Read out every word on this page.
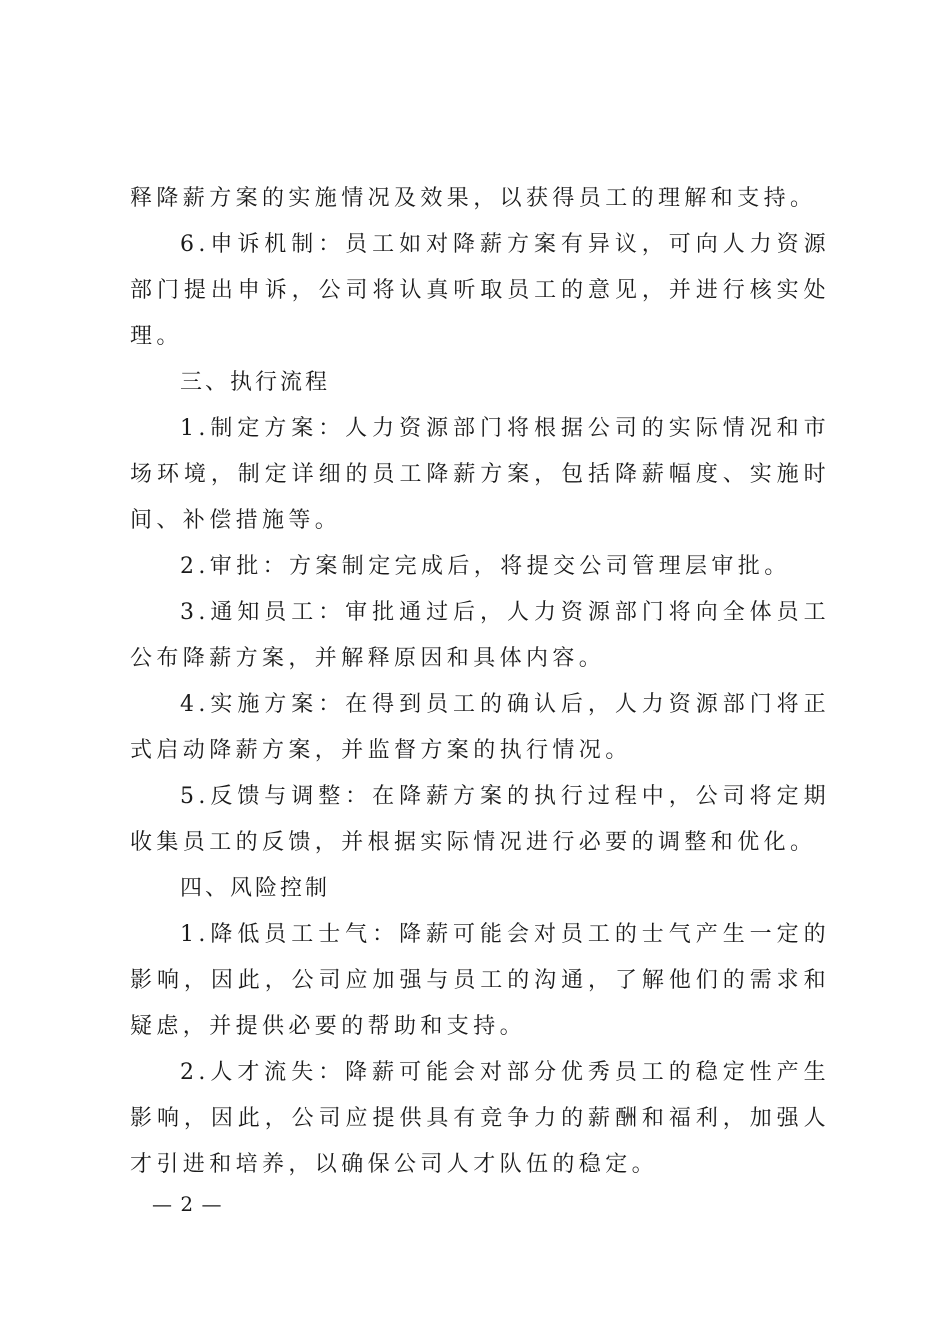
释降薪方案的实施情况及效果，以获得员工的理解和支持。

6.申诉机制：员工如对降薪方案有异议，可向人力资源部门提出申诉，公司将认真听取员工的意见，并进行核实处理。

三、执行流程

1.制定方案：人力资源部门将根据公司的实际情况和市场环境，制定详细的员工降薪方案，包括降薪幅度、实施时间、补偿措施等。

2.审批：方案制定完成后，将提交公司管理层审批。

3.通知员工：审批通过后，人力资源部门将向全体员工公布降薪方案，并解释原因和具体内容。

4.实施方案：在得到员工的确认后，人力资源部门将正式启动降薪方案，并监督方案的执行情况。

5.反馈与调整：在降薪方案的执行过程中，公司将定期收集员工的反馈，并根据实际情况进行必要的调整和优化。

四、风险控制

1.降低员工士气：降薪可能会对员工的士气产生一定的影响，因此，公司应加强与员工的沟通，了解他们的需求和疑虑，并提供必要的帮助和支持。

2.人才流失：降薪可能会对部分优秀员工的稳定性产生影响，因此，公司应提供具有竞争力的薪酬和福利，加强人才引进和培养，以确保公司人才队伍的稳定。

— 2 —
